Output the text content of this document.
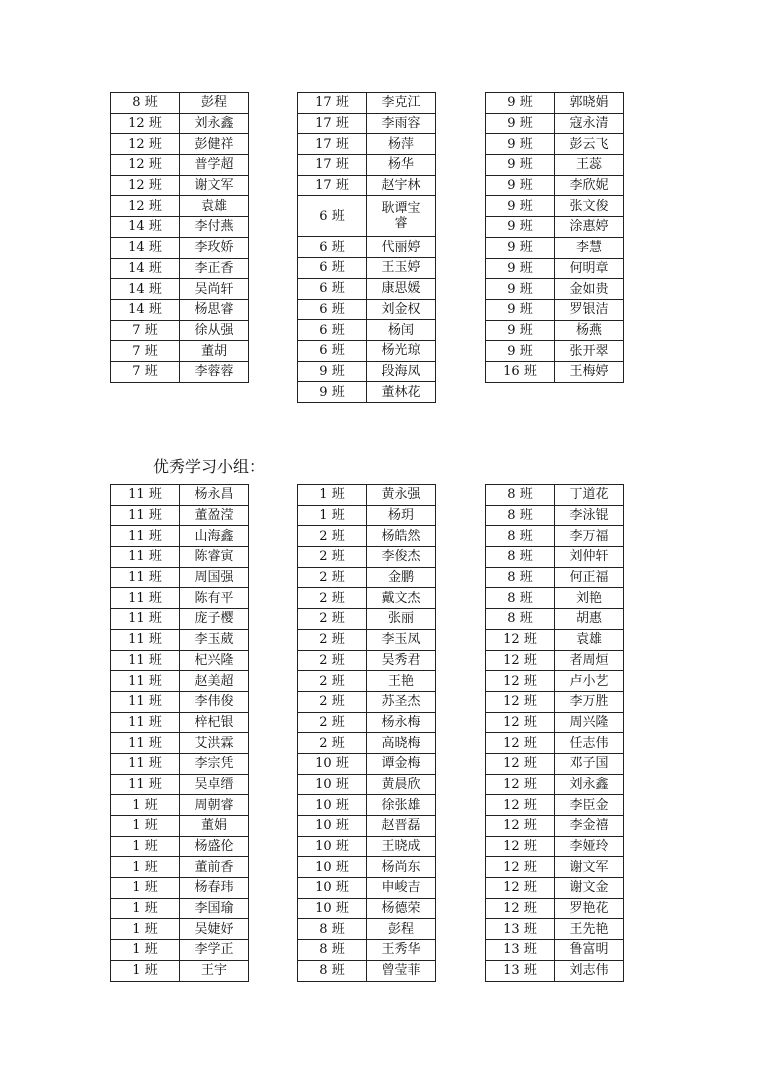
8 班	彭程
12 班	刘永鑫
12 班	彭健祥
12 班	普学超
12 班	谢文军
12 班	袁雄
14 班	李付燕
14 班	李玫娇
14 班	李正香
14 班	吴尚轩
14 班	杨思睿
7 班	徐从强
7 班	董胡
7 班	李蓉蓉
17 班	李克江
17 班	李雨容
17 班	杨萍
17 班	杨华
17 班	赵宇林
6 班	耿谭宝睿
6 班	代丽婷
6 班	王玉婷
6 班	康思媛
6 班	刘金权
6 班	杨闰
6 班	杨光琼
9 班	段海凤
9 班	董林花
9 班	郭晓娟
9 班	寇永清
9 班	彭云飞
9 班	王蕊
9 班	李欣妮
9 班	张文俊
9 班	涂惠婷
9 班	李慧
9 班	何明章
9 班	金如贵
9 班	罗银洁
9 班	杨燕
9 班	张开翠
16 班	王梅婷
优秀学习小组：
11 班	杨永昌
11 班	董盈滢
11 班	山海鑫
11 班	陈睿寅
11 班	周国强
11 班	陈有平
11 班	庞子樱
11 班	李玉葳
11 班	杞兴隆
11 班	赵美超
11 班	李伟俊
11 班	梓杞银
11 班	艾洪霖
11 班	李宗凭
11 班	吴卓缙
1 班	周朝睿
1 班	董娟
1 班	杨盛伦
1 班	董前香
1 班	杨春玮
1 班	李国瑜
1 班	吴婕妤
1 班	李学正
1 班	王宇
1 班	黄永强
1 班	杨玥
2 班	杨皓然
2 班	李俊杰
2 班	金鹏
2 班	戴文杰
2 班	张丽
2 班	李玉凤
2 班	吴秀君
2 班	王艳
2 班	苏圣杰
2 班	杨永梅
2 班	高晓梅
10 班	谭金梅
10 班	黄晨欣
10 班	徐张雄
10 班	赵晋磊
10 班	王晓成
10 班	杨尚东
10 班	申峻吉
10 班	杨德荣
8 班	彭程
8 班	王秀华
8 班	曾莹菲
8 班	丁道花
8 班	李泳锟
8 班	李万福
8 班	刘仲轩
8 班	何正福
8 班	刘艳
8 班	胡惠
12 班	袁雄
12 班	者周烜
12 班	卢小艺
12 班	李万胜
12 班	周兴隆
12 班	任志伟
12 班	邓子国
12 班	刘永鑫
12 班	李臣金
12 班	李金禧
12 班	李娅玲
12 班	谢文军
12 班	谢文金
12 班	罗艳花
13 班	王先艳
13 班	鲁富明
13 班	刘志伟
